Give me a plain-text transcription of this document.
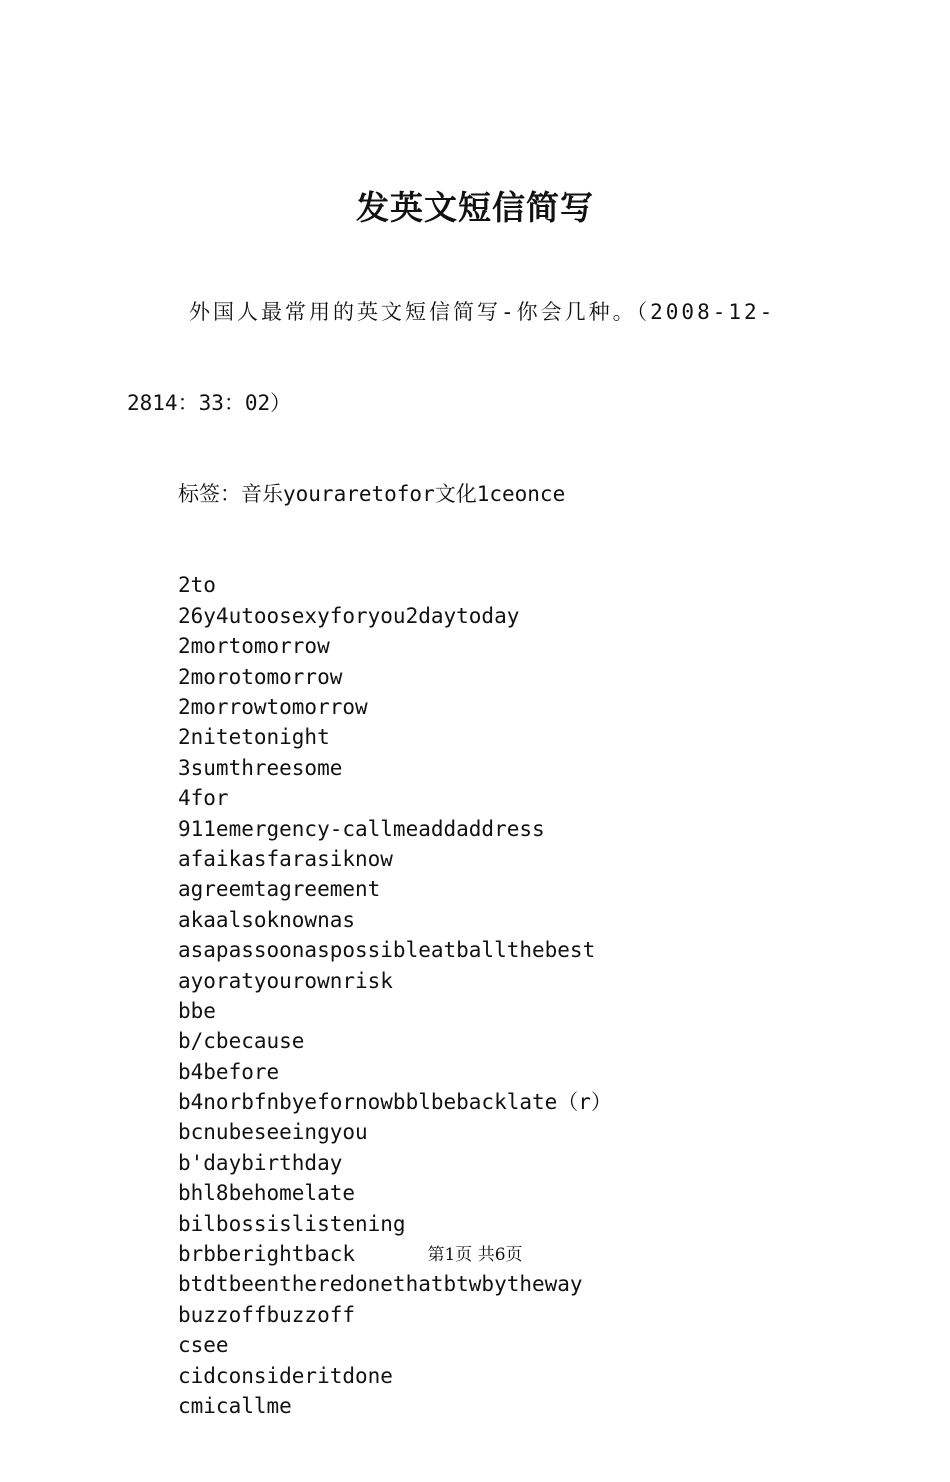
发英文短信简写

外国人最常用的英文短信简写-你会几种。（2008-12-

2814：33：02）

标签：音乐youraretofor文化1ceonce

2to
26y4utoosexyforyou2daytoday
2mortomorrow
2morotomorrow
2morrowtomorrow
2nitetonight
3sumthreesome
4for
911emergency-callmeaddaddress
afaikasfarasiknow
agreemtagreement
akaalsoknownas
asapassoonaspossibleatballthebest
ayoratyourownrisk
bbe
b/cbecause
b4before
b4norbfnbyefornowbblbebacklate（r）
bcnubeseeingyou
b'daybirthday
bhl8behomelate
bilbossislistening
brbberightback
btdtbeentheredonethatbtwbytheway
buzzoffbuzzoff
csee
cidconsideritdone
cmicallme

第1页 共6页
